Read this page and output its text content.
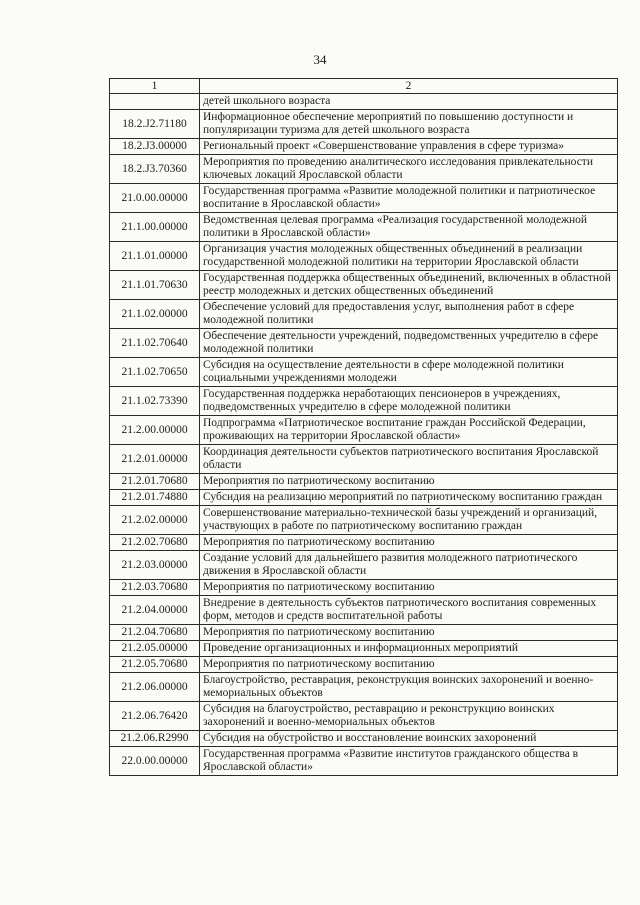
34
1	2
	детей школьного возраста
18.2.J2.71180	Информационное обеспечение мероприятий по повышению доступности и популяризации туризма для детей школьного возраста
18.2.J3.00000	Региональный проект «Совершенствование управления в сфере туризма»
18.2.J3.70360	Мероприятия по проведению аналитического исследования привлекательности ключевых локаций Ярославской области
21.0.00.00000	Государственная программа «Развитие молодежной политики и патриотическое воспитание в Ярославской области»
21.1.00.00000	Ведомственная целевая программа «Реализация государственной молодежной политики в Ярославской области»
21.1.01.00000	Организация участия молодежных общественных объединений в реализации государственной молодежной политики на территории Ярославской области
21.1.01.70630	Государственная поддержка общественных объединений, включенных в областной реестр молодежных и детских общественных объединений
21.1.02.00000	Обеспечение условий для предоставления услуг, выполнения работ в сфере молодежной политики
21.1.02.70640	Обеспечение деятельности учреждений, подведомственных учредителю в сфере молодежной политики
21.1.02.70650	Субсидия на осуществление деятельности в сфере молодежной политики социальными учреждениями молодежи
21.1.02.73390	Государственная поддержка неработающих пенсионеров в учреждениях, подведомственных учредителю в сфере молодежной политики
21.2.00.00000	Подпрограмма «Патриотическое воспитание граждан Российской Федерации, проживающих на территории Ярославской области»
21.2.01.00000	Координация деятельности субъектов патриотического воспитания Ярославской области
21.2.01.70680	Мероприятия по патриотическому воспитанию
21.2.01.74880	Субсидия на реализацию мероприятий по патриотическому воспитанию граждан
21.2.02.00000	Совершенствование материально-технической базы учреждений и организаций, участвующих в работе по патриотическому воспитанию граждан
21.2.02.70680	Мероприятия по патриотическому воспитанию
21.2.03.00000	Создание условий для дальнейшего развития молодежного патриотического движения в Ярославской области
21.2.03.70680	Мероприятия по патриотическому воспитанию
21.2.04.00000	Внедрение в деятельность субъектов патриотического воспитания современных форм, методов и средств воспитательной работы
21.2.04.70680	Мероприятия по патриотическому воспитанию
21.2.05.00000	Проведение организационных и информационных мероприятий
21.2.05.70680	Мероприятия по патриотическому воспитанию
21.2.06.00000	Благоустройство, реставрация, реконструкция воинских захоронений и военно-мемориальных объектов
21.2.06.76420	Субсидия на благоустройство, реставрацию и реконструкцию воинских захоронений и военно-мемориальных объектов
21.2.06.R2990	Субсидия на обустройство и восстановление воинских захоронений
22.0.00.00000	Государственная программа «Развитие институтов гражданского общества в Ярославской области»
